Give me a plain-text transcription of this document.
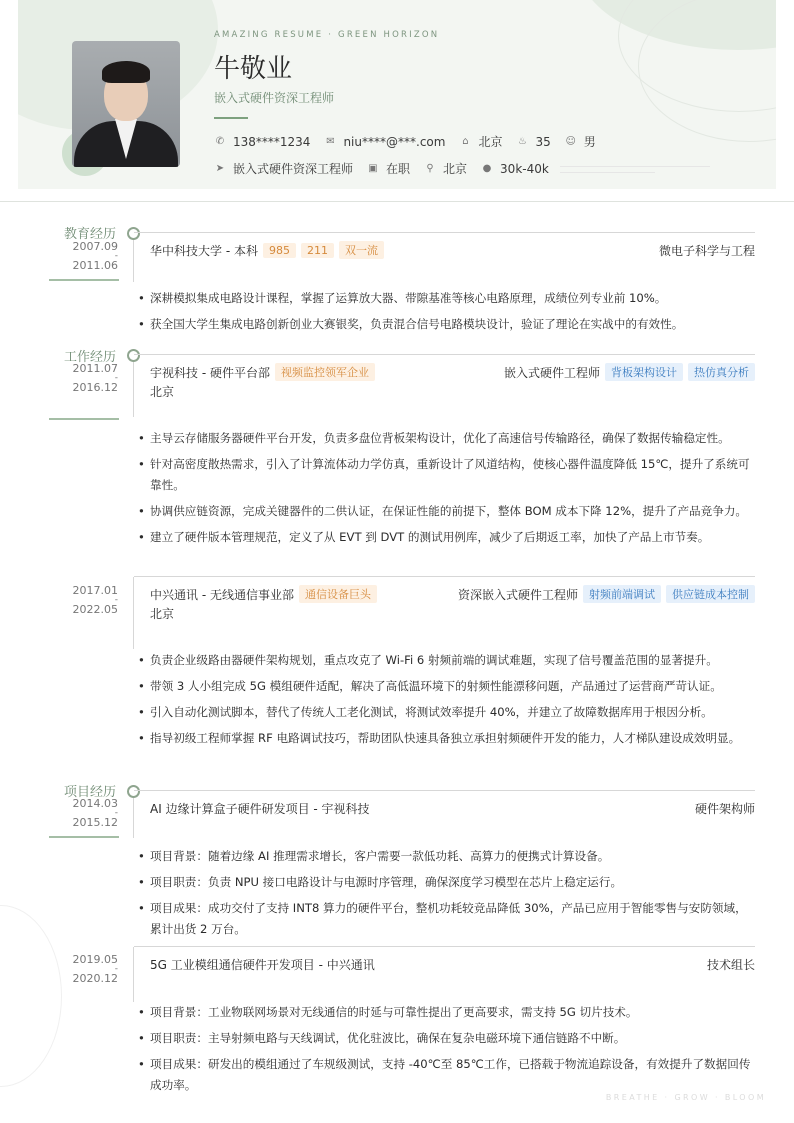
AMAZING RESUME · GREEN HORIZON
牛敬业
嵌入式硬件资深工程师
✆ 138****1234 ✉ niu****@***.com ⌂ 北京 ♨ 35 ☺ 男
➤ 嵌入式硬件资深工程师 ▣ 在职 ⚲ 北京 ● 30k-40k
教育经历
2007.09
-
2011.06
华中科技大学 - 本科	985	211	双一流	微电子科学与工程
• 深耕模拟集成电路设计课程，掌握了运算放大器、带隙基准等核心电路原理，成绩位列专业前 10%。
• 获全国大学生集成电路创新创业大赛银奖，负责混合信号电路模块设计，验证了理论在实战中的有效性。
工作经历
2011.07
-
2016.12
宇视科技 - 硬件平台部	视频监控领军企业	嵌入式硬件工程师	背板架构设计	热仿真分析
北京
• 主导云存储服务器硬件平台开发，负责多盘位背板架构设计，优化了高速信号传输路径，确保了数据传输稳定性。
• 针对高密度散热需求，引入了计算流体动力学仿真，重新设计了风道结构，使核心器件温度降低 15℃，提升了系统可靠性。
• 协调供应链资源，完成关键器件的二供认证，在保证性能的前提下，整体 BOM 成本下降 12%，提升了产品竞争力。
• 建立了硬件版本管理规范，定义了从 EVT 到 DVT 的测试用例库，减少了后期返工率，加快了产品上市节奏。
2017.01
-
2022.05
中兴通讯 - 无线通信事业部	通信设备巨头	资深嵌入式硬件工程师	射频前端调试	供应链成本控制
北京
• 负责企业级路由器硬件架构规划，重点攻克了 Wi-Fi 6 射频前端的调试难题，实现了信号覆盖范围的显著提升。
• 带领 3 人小组完成 5G 模组硬件适配，解决了高低温环境下的射频性能漂移问题，产品通过了运营商严苛认证。
• 引入自动化测试脚本，替代了传统人工老化测试，将测试效率提升 40%，并建立了故障数据库用于根因分析。
• 指导初级工程师掌握 RF 电路调试技巧，帮助团队快速具备独立承担射频硬件开发的能力，人才梯队建设成效明显。
项目经历
2014.03
-
2015.12
AI 边缘计算盒子硬件研发项目 - 宇视科技	硬件架构师
• 项目背景：随着边缘 AI 推理需求增长，客户需要一款低功耗、高算力的便携式计算设备。
• 项目职责：负责 NPU 接口电路设计与电源时序管理，确保深度学习模型在芯片上稳定运行。
• 项目成果：成功交付了支持 INT8 算力的硬件平台，整机功耗较竞品降低 30%，产品已应用于智能零售与安防领域，累计出货 2 万台。
2019.05
-
2020.12
5G 工业模组通信硬件开发项目 - 中兴通讯	技术组长
• 项目背景：工业物联网场景对无线通信的时延与可靠性提出了更高要求，需支持 5G 切片技术。
• 项目职责：主导射频电路与天线调试，优化驻波比，确保在复杂电磁环境下通信链路不中断。
• 项目成果：研发出的模组通过了车规级测试，支持 -40℃至 85℃工作，已搭载于物流追踪设备，有效提升了数据回传成功率。
BREATHE · GROW · BLOOM
